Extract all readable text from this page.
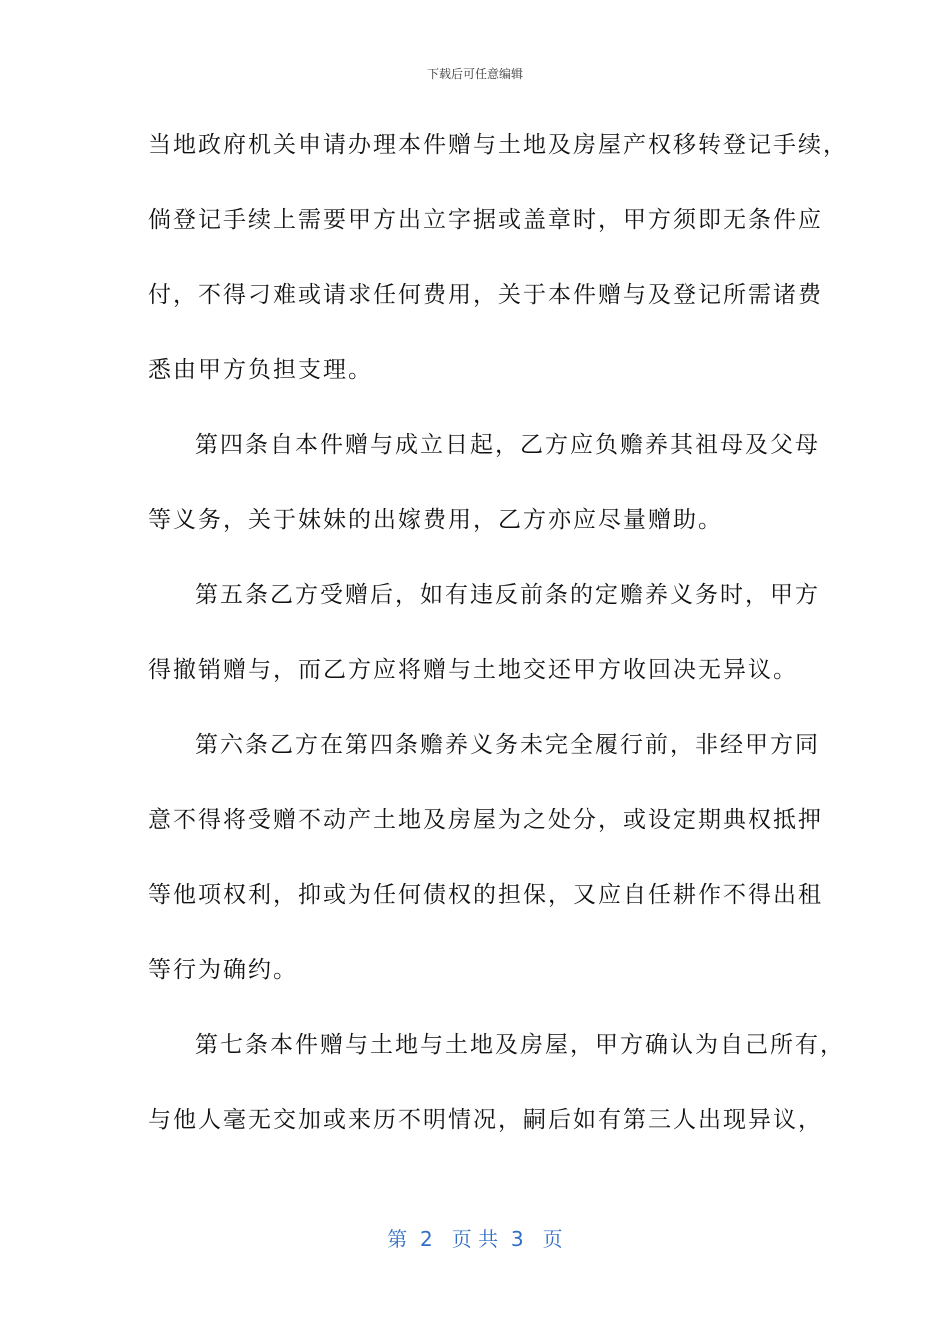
下载后可任意编辑
当地政府机关申请办理本件赠与土地及房屋产权移转登记手续，
倘登记手续上需要甲方出立字据或盖章时，甲方须即无条件应
付，不得刁难或请求任何费用，关于本件赠与及登记所需诸费
悉由甲方负担支理。
第四条自本件赠与成立日起，乙方应负赡养其祖母及父母
等义务，关于妹妹的出嫁费用，乙方亦应尽量赠助。
第五条乙方受赠后，如有违反前条的定赡养义务时，甲方
得撤销赠与，而乙方应将赠与土地交还甲方收回决无异议。
第六条乙方在第四条赡养义务未完全履行前，非经甲方同
意不得将受赠不动产土地及房屋为之处分，或设定期典权抵押
等他项权利，抑或为任何债权的担保，又应自任耕作不得出租
等行为确约。
第七条本件赠与土地与土地及房屋，甲方确认为自己所有，
与他人毫无交加或来历不明情况，嗣后如有第三人出现异议，
第  2   页 共  3   页
